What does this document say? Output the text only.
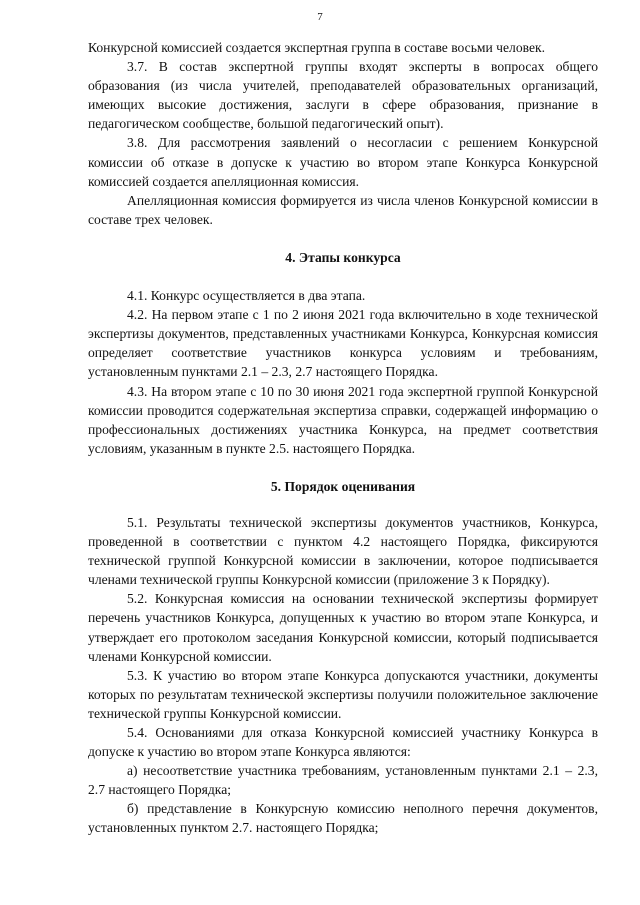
7

Конкурсной комиссией создается экспертная группа в составе восьми человек.

3.7. В состав экспертной группы входят эксперты в вопросах общего образования (из числа учителей, преподавателей образовательных организаций, имеющих высокие достижения, заслуги в сфере образования, признание в педагогическом сообществе, большой педагогический опыт).

3.8. Для рассмотрения заявлений о несогласии с решением Конкурсной комиссии об отказе в допуске к участию во втором этапе Конкурса Конкурсной комиссией создается апелляционная комиссия.

Апелляционная комиссия формируется из числа членов Конкурсной комиссии в составе трех человек.

4. Этапы конкурса

4.1. Конкурс осуществляется в два этапа.

4.2. На первом этапе с 1 по 2 июня 2021 года включительно в ходе технической экспертизы документов, представленных участниками Конкурса, Конкурсная комиссия определяет соответствие участников конкурса условиям и требованиям, установленным пунктами 2.1 – 2.3, 2.7 настоящего Порядка.

4.3. На втором этапе с 10 по 30 июня 2021 года экспертной группой Конкурсной комиссии проводится содержательная экспертиза справки, содержащей информацию о профессиональных достижениях участника Конкурса, на предмет соответствия условиям, указанным в пункте 2.5. настоящего Порядка.

5. Порядок оценивания

5.1. Результаты технической экспертизы документов участников, Конкурса, проведенной в соответствии с пунктом 4.2 настоящего Порядка, фиксируются технической группой Конкурсной комиссии в заключении, которое подписывается членами технической группы Конкурсной комиссии (приложение 3 к Порядку).

5.2. Конкурсная комиссия на основании технической экспертизы формирует перечень участников Конкурса, допущенных к участию во втором этапе Конкурса, и утверждает его протоколом заседания Конкурсной комиссии, который подписывается членами Конкурсной комиссии.

5.3. К участию во втором этапе Конкурса допускаются участники, документы которых по результатам технической экспертизы получили положительное заключение технической группы Конкурсной комиссии.

5.4. Основаниями для отказа Конкурсной комиссией участнику Конкурса в допуске к участию во втором этапе Конкурса являются:

а) несоответствие участника требованиям, установленным пунктами 2.1 – 2.3, 2.7 настоящего Порядка;

б) представление в Конкурсную комиссию неполного перечня документов, установленных пунктом 2.7. настоящего Порядка;
